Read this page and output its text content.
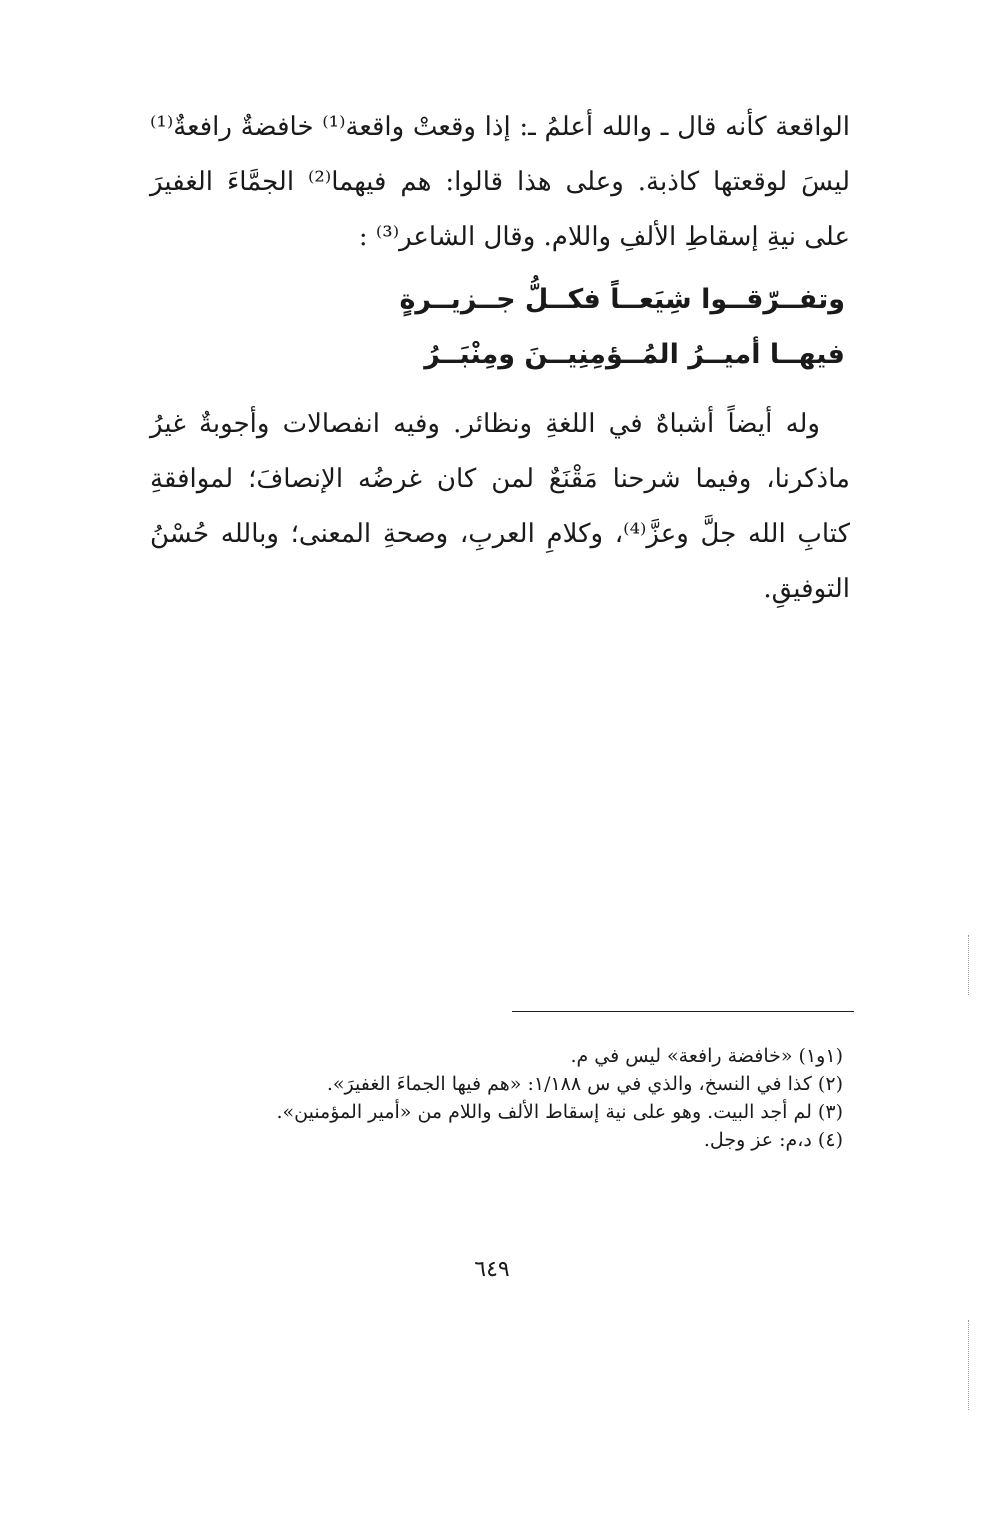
الواقعة كأنه قال ـ والله أعلمُ ـ: إذا وقعتْ واقعة⁽¹⁾ خافضةٌ رافعةٌ⁽¹⁾ ليسَ لوقعتها كاذبة. وعلى هذا قالوا: هم فيهما⁽²⁾ الجمَّاءَ الغفيرَ على نيةِ إسقاطِ الألفِ واللام. وقال الشاعر⁽³⁾ :

وتفــرّقــوا شِيَعــاً فكــلُّ جــزيــرةٍ
فيهــا أميــرُ المُــؤمِنِيــنَ ومِنْبَــرُ

وله أيضاً أشباهٌ في اللغةِ ونظائر. وفيه انفصالات وأجوبةٌ غيرُ ماذكرنا، وفيما شرحنا مَقْنَعٌ لمن كان غرضُه الإنصافَ؛ لموافقةِ كتابِ الله جلَّ وعزَّ⁽⁴⁾، وكلامِ العربِ، وصحةِ المعنى؛ وبالله حُسْنُ التوفيقِ.

(١و١) «خافضة رافعة» ليس في م.
(٢) كذا في النسخ، والذي في س ١/١٨٨: «هم فيها الجماءَ الغفيرَ».
(٣) لم أجد البيت. وهو على نية إسقاط الألف واللام من «أمير المؤمنين».
(٤) د،م: عز وجل.
٦٤٩
